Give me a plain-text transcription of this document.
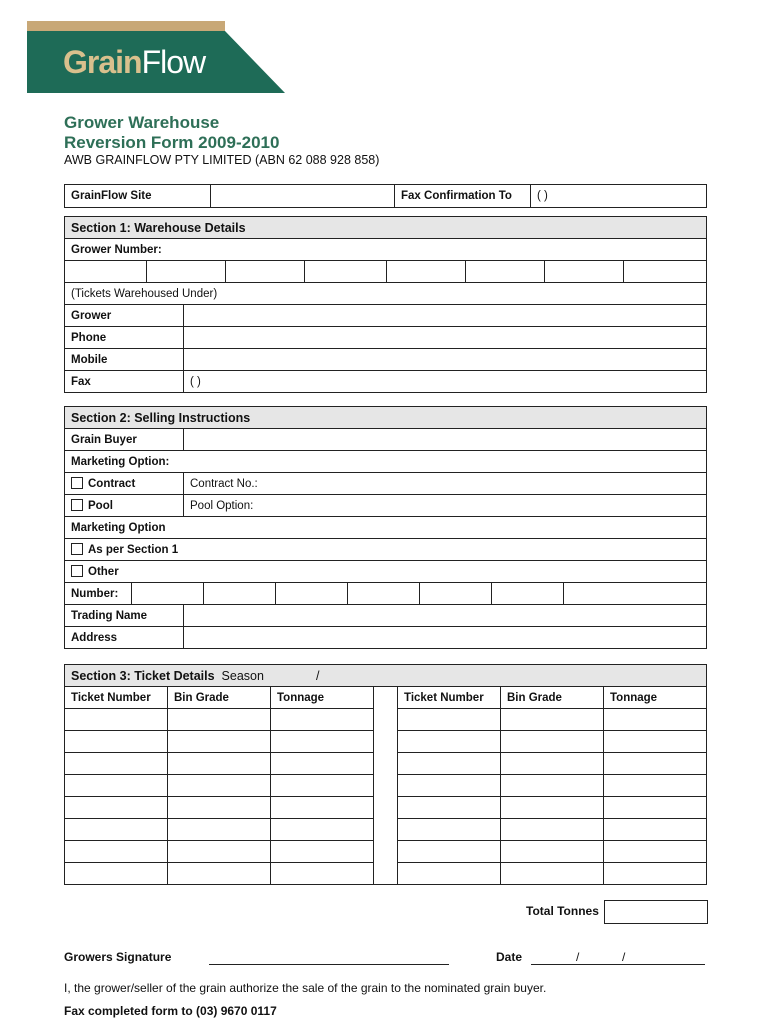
GrainFlow
Grower Warehouse
Reversion Form 2009-2010
AWB GRAINFLOW PTY LIMITED (ABN 62 088 928 858)
GrainFlow Site		Fax Confirmation To	( )
Section 1: Warehouse Details								
Grower Number:								

(Tickets Warehoused Under)								
Grower								
Phone								
Mobile								
Fax		( )						
Section 2: Selling Instructions								
Grain Buyer								
Marketing Option:								
Contract		Contract No.:						
Pool		Pool Option:						
Marketing Option								
As per Section 1								
Other								
Number:								
Trading Name								
Address								
Section 3: Ticket Details Season /						
Ticket Number	Bin Grade	Tonnage		Ticket Number	Bin Grade	Tonnage

Total Tonnes
Growers Signature	Date	/	/
I, the grower/seller of the grain authorize the sale of the grain to the nominated grain buyer.
Fax completed form to (03) 9670 0117
